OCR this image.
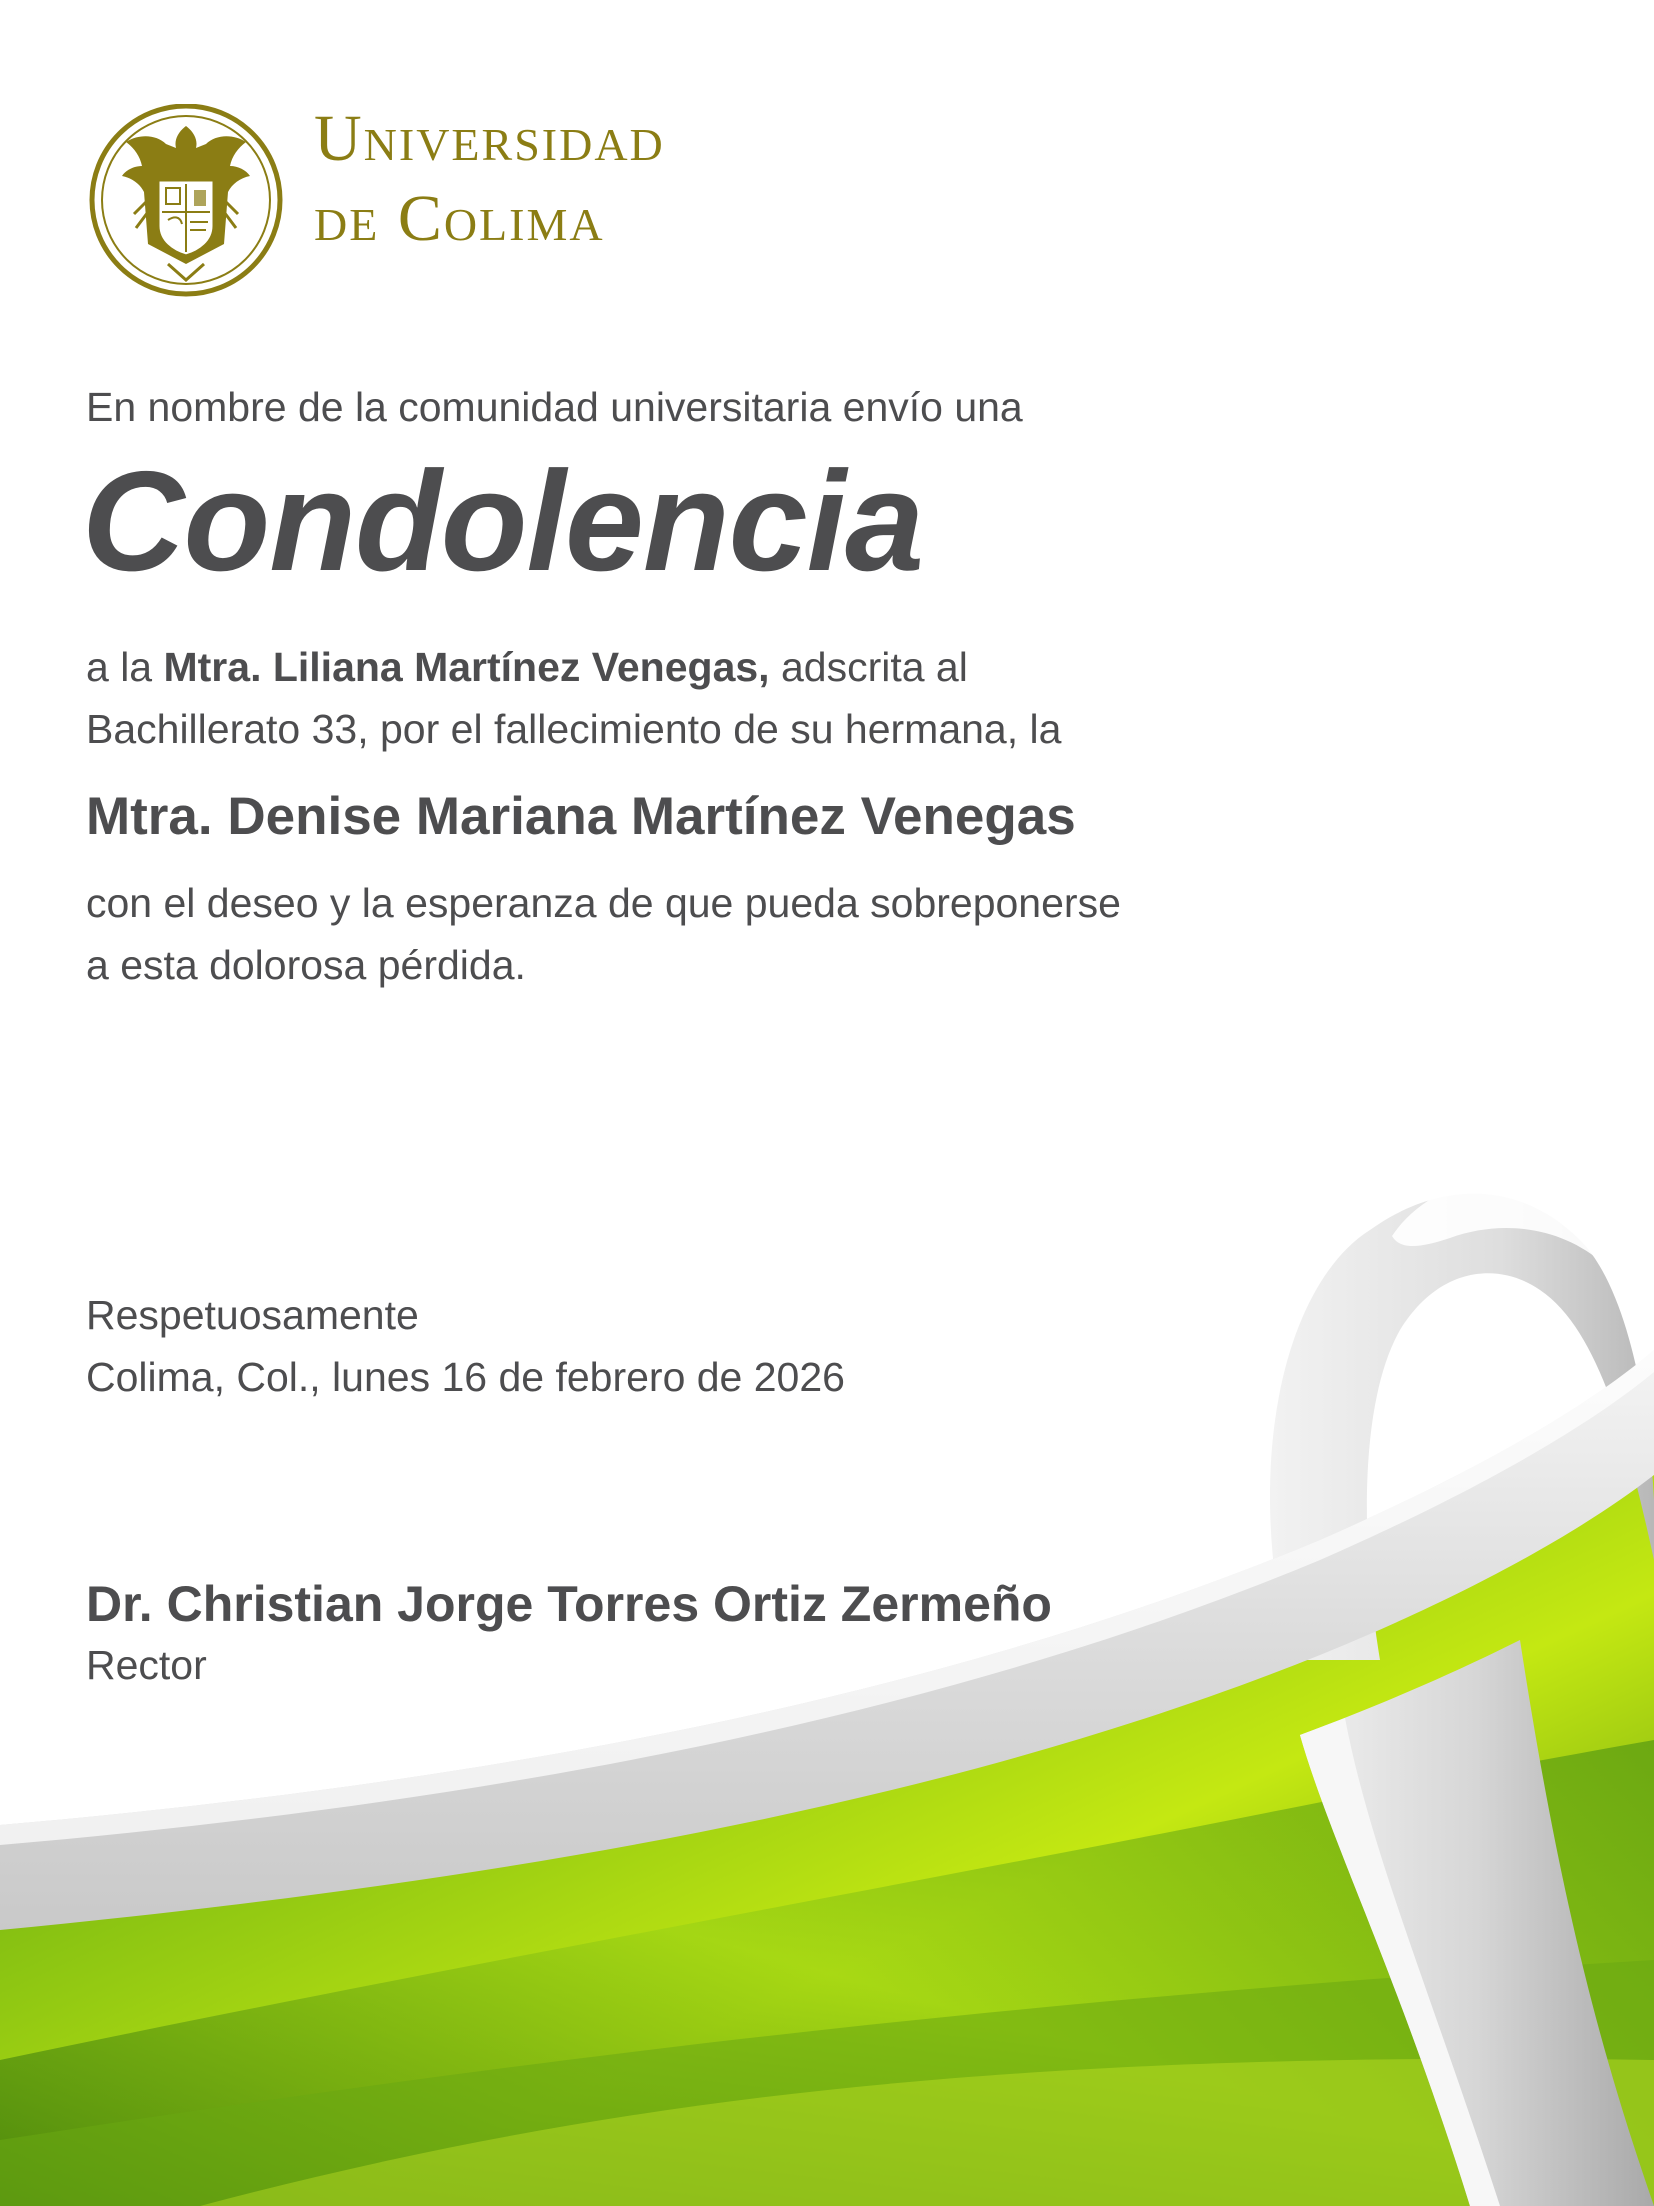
Universidad
de Colima
En nombre de la comunidad universitaria envío una
Condolencia
a la Mtra. Liliana Martínez Venegas, adscrita al
Bachillerato 33, por el fallecimiento de su hermana, la
Mtra. Denise Mariana Martínez Venegas
con el deseo y la esperanza de que pueda sobreponerse
a esta dolorosa pérdida.
Respetuosamente
Colima, Col., lunes 16 de febrero de 2026
Dr. Christian Jorge Torres Ortiz Zermeño
Rector
